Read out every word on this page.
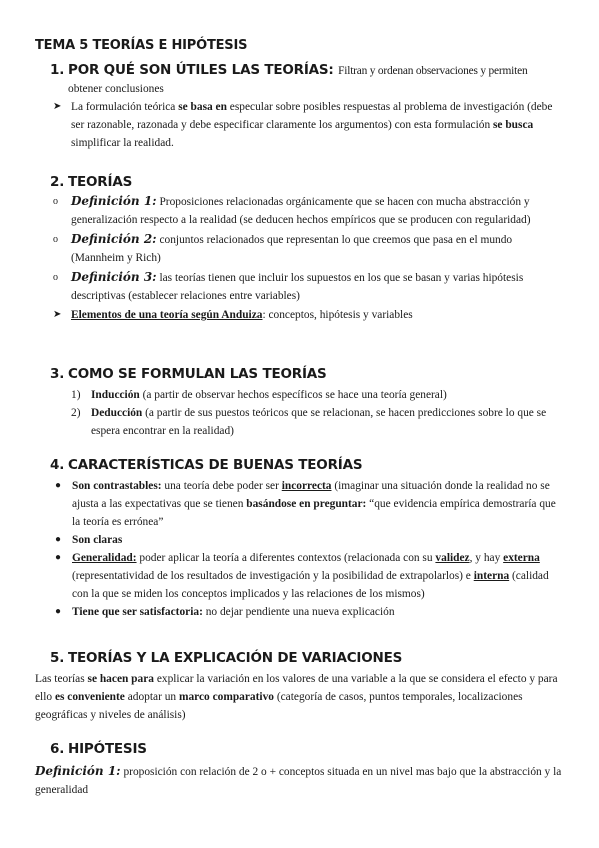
TEMA 5 TEORÍAS E HIPÓTESIS
1. POR QUÉ SON ÚTILES LAS TEORÍAS: Filtran y ordenan observaciones y permiten
obtener conclusiones
➤ La formulación teórica se basa en especular sobre posibles respuestas al problema de investigación (debe ser razonable, razonada y debe especificar claramente los argumentos) con esta formulación se busca simplificar la realidad.
2. TEORÍAS
o Definición 1: Proposiciones relacionadas orgánicamente que se hacen con mucha abstracción y generalización respecto a la realidad (se deducen hechos empíricos que se producen con regularidad)
o Definición 2: conjuntos relacionados que representan lo que creemos que pasa en el mundo (Mannheim y Rich)
o Definición 3: las teorías tienen que incluir los supuestos en los que se basan y varias hipótesis descriptivas (establecer relaciones entre variables)
➤ Elementos de una teoría según Anduiza: conceptos, hipótesis y variables
3. COMO SE FORMULAN LAS TEORÍAS
1) Inducción (a partir de observar hechos específicos se hace una teoría general)
2) Deducción (a partir de sus puestos teóricos que se relacionan, se hacen predicciones sobre lo que se espera encontrar en la realidad)
4. CARACTERÍSTICAS DE BUENAS TEORÍAS
● Son contrastables: una teoría debe poder ser incorrecta (imaginar una situación donde la realidad no se ajusta a las expectativas que se tienen basándose en preguntar: “que evidencia empírica demostraría que la teoría es errónea”
● Son claras
● Generalidad: poder aplicar la teoría a diferentes contextos (relacionada con su validez, y hay externa (representatividad de los resultados de investigación y la posibilidad de extrapolarlos) e interna (calidad con la que se miden los conceptos implicados y las relaciones de los mismos)
● Tiene que ser satisfactoria: no dejar pendiente una nueva explicación
5. TEORÍAS Y LA EXPLICACIÓN DE VARIACIONES
Las teorías se hacen para explicar la variación en los valores de una variable a la que se considera el efecto y para ello es conveniente adoptar un marco comparativo (categoría de casos, puntos temporales, localizaciones geográficas y niveles de análisis)
6. HIPÓTESIS
Definición 1: proposición con relación de 2 o + conceptos situada en un nivel mas bajo que la abstracción y la generalidad
